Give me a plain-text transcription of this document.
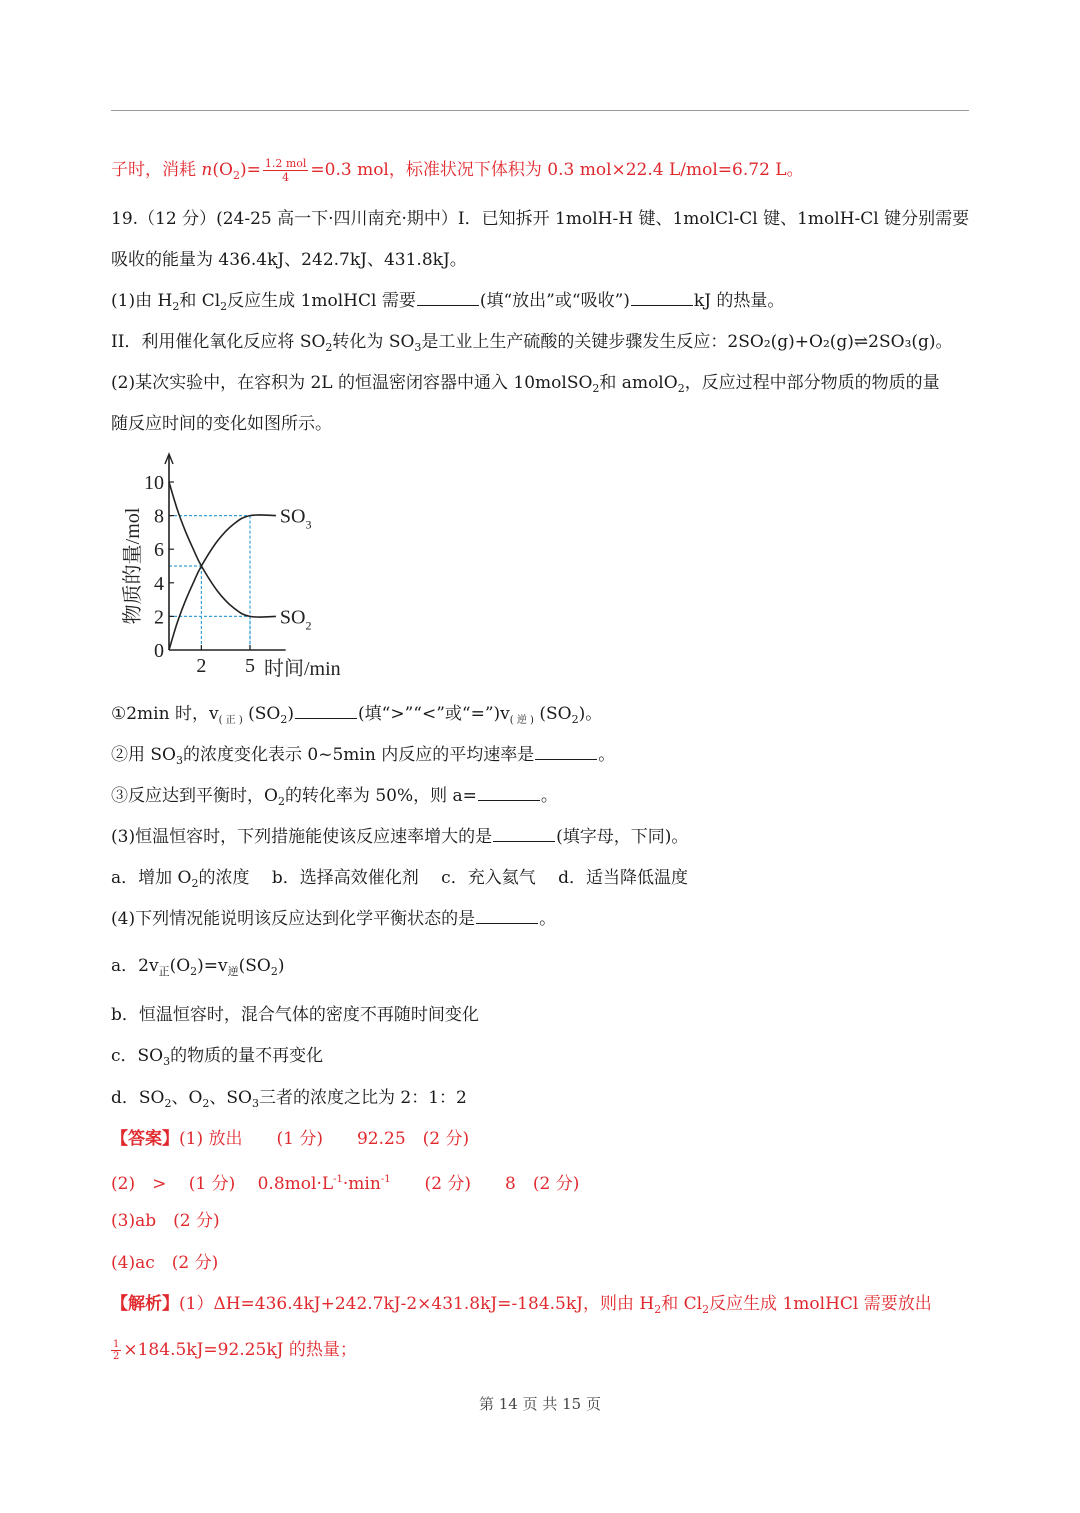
子时，消耗 $n(O_2)= \frac{\text{1.2 mol}}{4} =0.3$ mol，标准状况下体积为 0.3 mol×22.4 L/mol=6.72 L。
19.（12 分）(24-25 高一下·四川南充·期中）I．已知拆开 1molH-H 键、1molCl-Cl 键、1molH-Cl 键分别需要
吸收的能量为 436.4kJ、242.7kJ、431.8kJ。
(1)由 $H_2$和 $Cl_2$反应生成 1molHCl 需要	(填“放出”或“吸收”)	kJ 的热量。
II．利用催化氧化反应将 $SO_2$转化为 $SO_3$是工业上生产硫酸的关键步骤发生反应：2SO₂(g)+O₂(g)⇌2SO₃(g)。
(2)某次实验中，在容积为 2L 的恒温密闭容器中通入 10molSO$_2$和 amolO$_2$，反应过程中部分物质的物质的量
随反应时间的变化如图所示。
0
2
4
6
8
10
2 5 时间/min
物质的量/mol	$SO_3$
$SO_2$
①2min 时，$v_{( 正 )}$ $(SO_2)$	(填“>”“<”或“$=”)v_{( 逆 )}$ $(SO_2)$。
②用 $SO_3$的浓度变化表示 0~5min 内反应的平均速率是	。
③反应达到平衡时，$O_2$的转化率为 50%，则 a=	。
(3)恒温恒容时，下列措施能使该反应速率增大的是	(填字母，下同)。
a．增加 $O_2$的浓度　 b．选择高效催化剂　 c．充入氦气　 d．适当降低温度
(4)下列情况能说明该反应达到化学平衡状态的是	。
a．$2v_正(O_2)=v_逆(SO_2)$
b．恒温恒容时，混合气体的密度不再随时间变化
c．$SO_3$的物质的量不再变化
d．$SO_2$、$O_2$、$SO_3$三者的浓度之比为 2：1：2
【答案】(1) 放出　　(1 分)　　92.25　(2 分)
(2)　>　 (1 分)　 $0.8mol\cdot L^{-1}\cdot\min^{-1}$　　(2 分)　　8　(2 分)
(3)ab　(2 分)
(4)ac　(2 分)
【解析】(1）ΔH=436.4kJ+242.7kJ-2×431.8kJ=-184.5kJ，则由 $H_2$和 $Cl_2$反应生成 1molHCl 需要放出
$\frac{1}{2} \times 184.5kJ=92.25kJ$ 的热量；
第 14 页 共 15 页
